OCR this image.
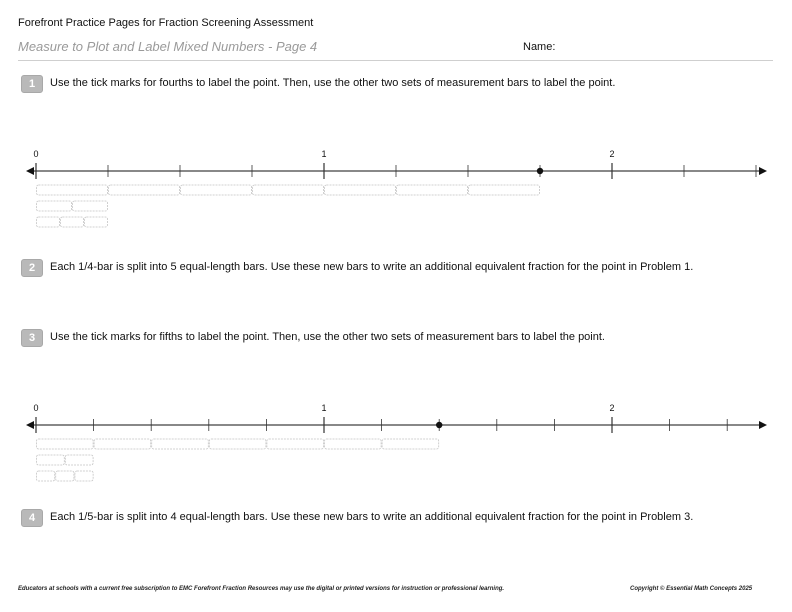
Forefront Practice Pages for Fraction Screening Assessment
Measure to Plot and Label Mixed Numbers - Page 4	Name:
1	Use the tick marks for fourths to label the point. Then, use the other two sets of measurement bars to label the point.
0	1	2
2	Each 1/4-bar is split into 5 equal-length bars. Use these new bars to write an additional equivalent fraction for the point in Problem 1.
3	Use the tick marks for fifths to label the point. Then, use the other two sets of measurement bars to label the point.
0	1	2
4	Each 1/5-bar is split into 4 equal-length bars. Use these new bars to write an additional equivalent fraction for the point in Problem 3.
Educators at schools with a current free subscription to EMC Forefront Fraction Resources may use the digital or printed versions for instruction or professional learning.	Copyright © Essential Math Concepts 2025
